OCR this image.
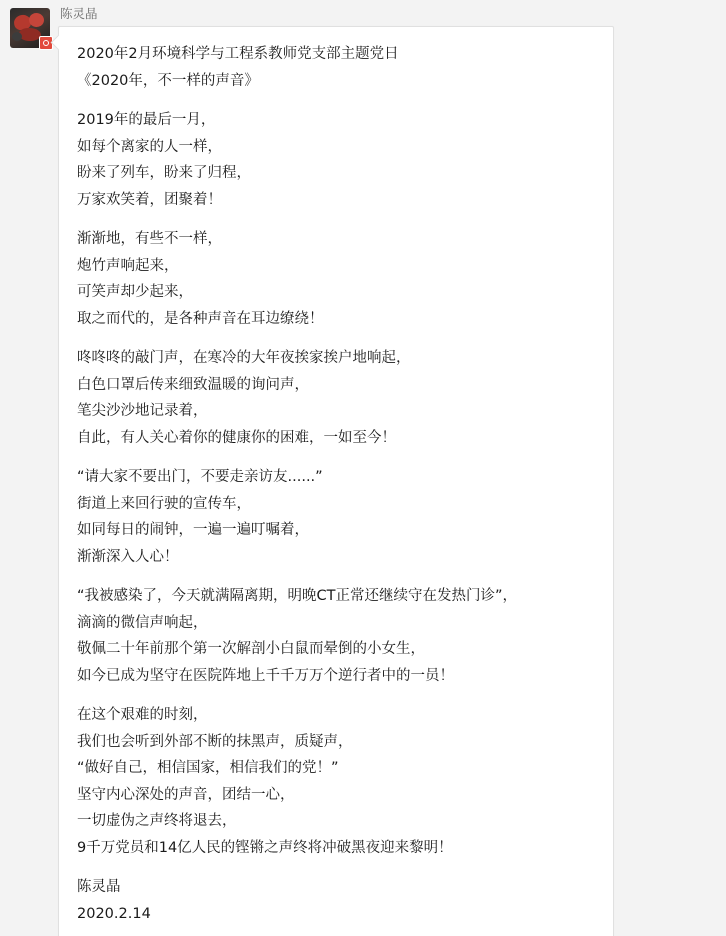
陈灵晶
2020年2月环境科学与工程系教师党支部主题党日
《2020年，不一样的声音》
2019年的最后一月，
如每个离家的人一样，
盼来了列车，盼来了归程，
万家欢笑着，团聚着！
渐渐地，有些不一样，
炮竹声响起来，
可笑声却少起来，
取之而代的，是各种声音在耳边缭绕！
咚咚咚的敲门声，在寒冷的大年夜挨家挨户地响起，
白色口罩后传来细致温暖的询问声，
笔尖沙沙地记录着，
自此，有人关心着你的健康你的困难，一如至今！
“请大家不要出门，不要走亲访友......”
街道上来回行驶的宣传车，
如同每日的闹钟，一遍一遍叮嘱着，
渐渐深入人心！
“我被感染了，今天就满隔离期，明晚CT正常还继续守在发热门诊”，
滴滴的微信声响起，
敬佩二十年前那个第一次解剖小白鼠而晕倒的小女生，
如今已成为坚守在医院阵地上千千万万个逆行者中的一员！
在这个艰难的时刻，
我们也会听到外部不断的抹黑声，质疑声，
“做好自己，相信国家，相信我们的党！”
坚守内心深处的声音，团结一心，
一切虚伪之声终将退去，
9千万党员和14亿人民的铿锵之声终将冲破黑夜迎来黎明！
陈灵晶
2020.2.14
